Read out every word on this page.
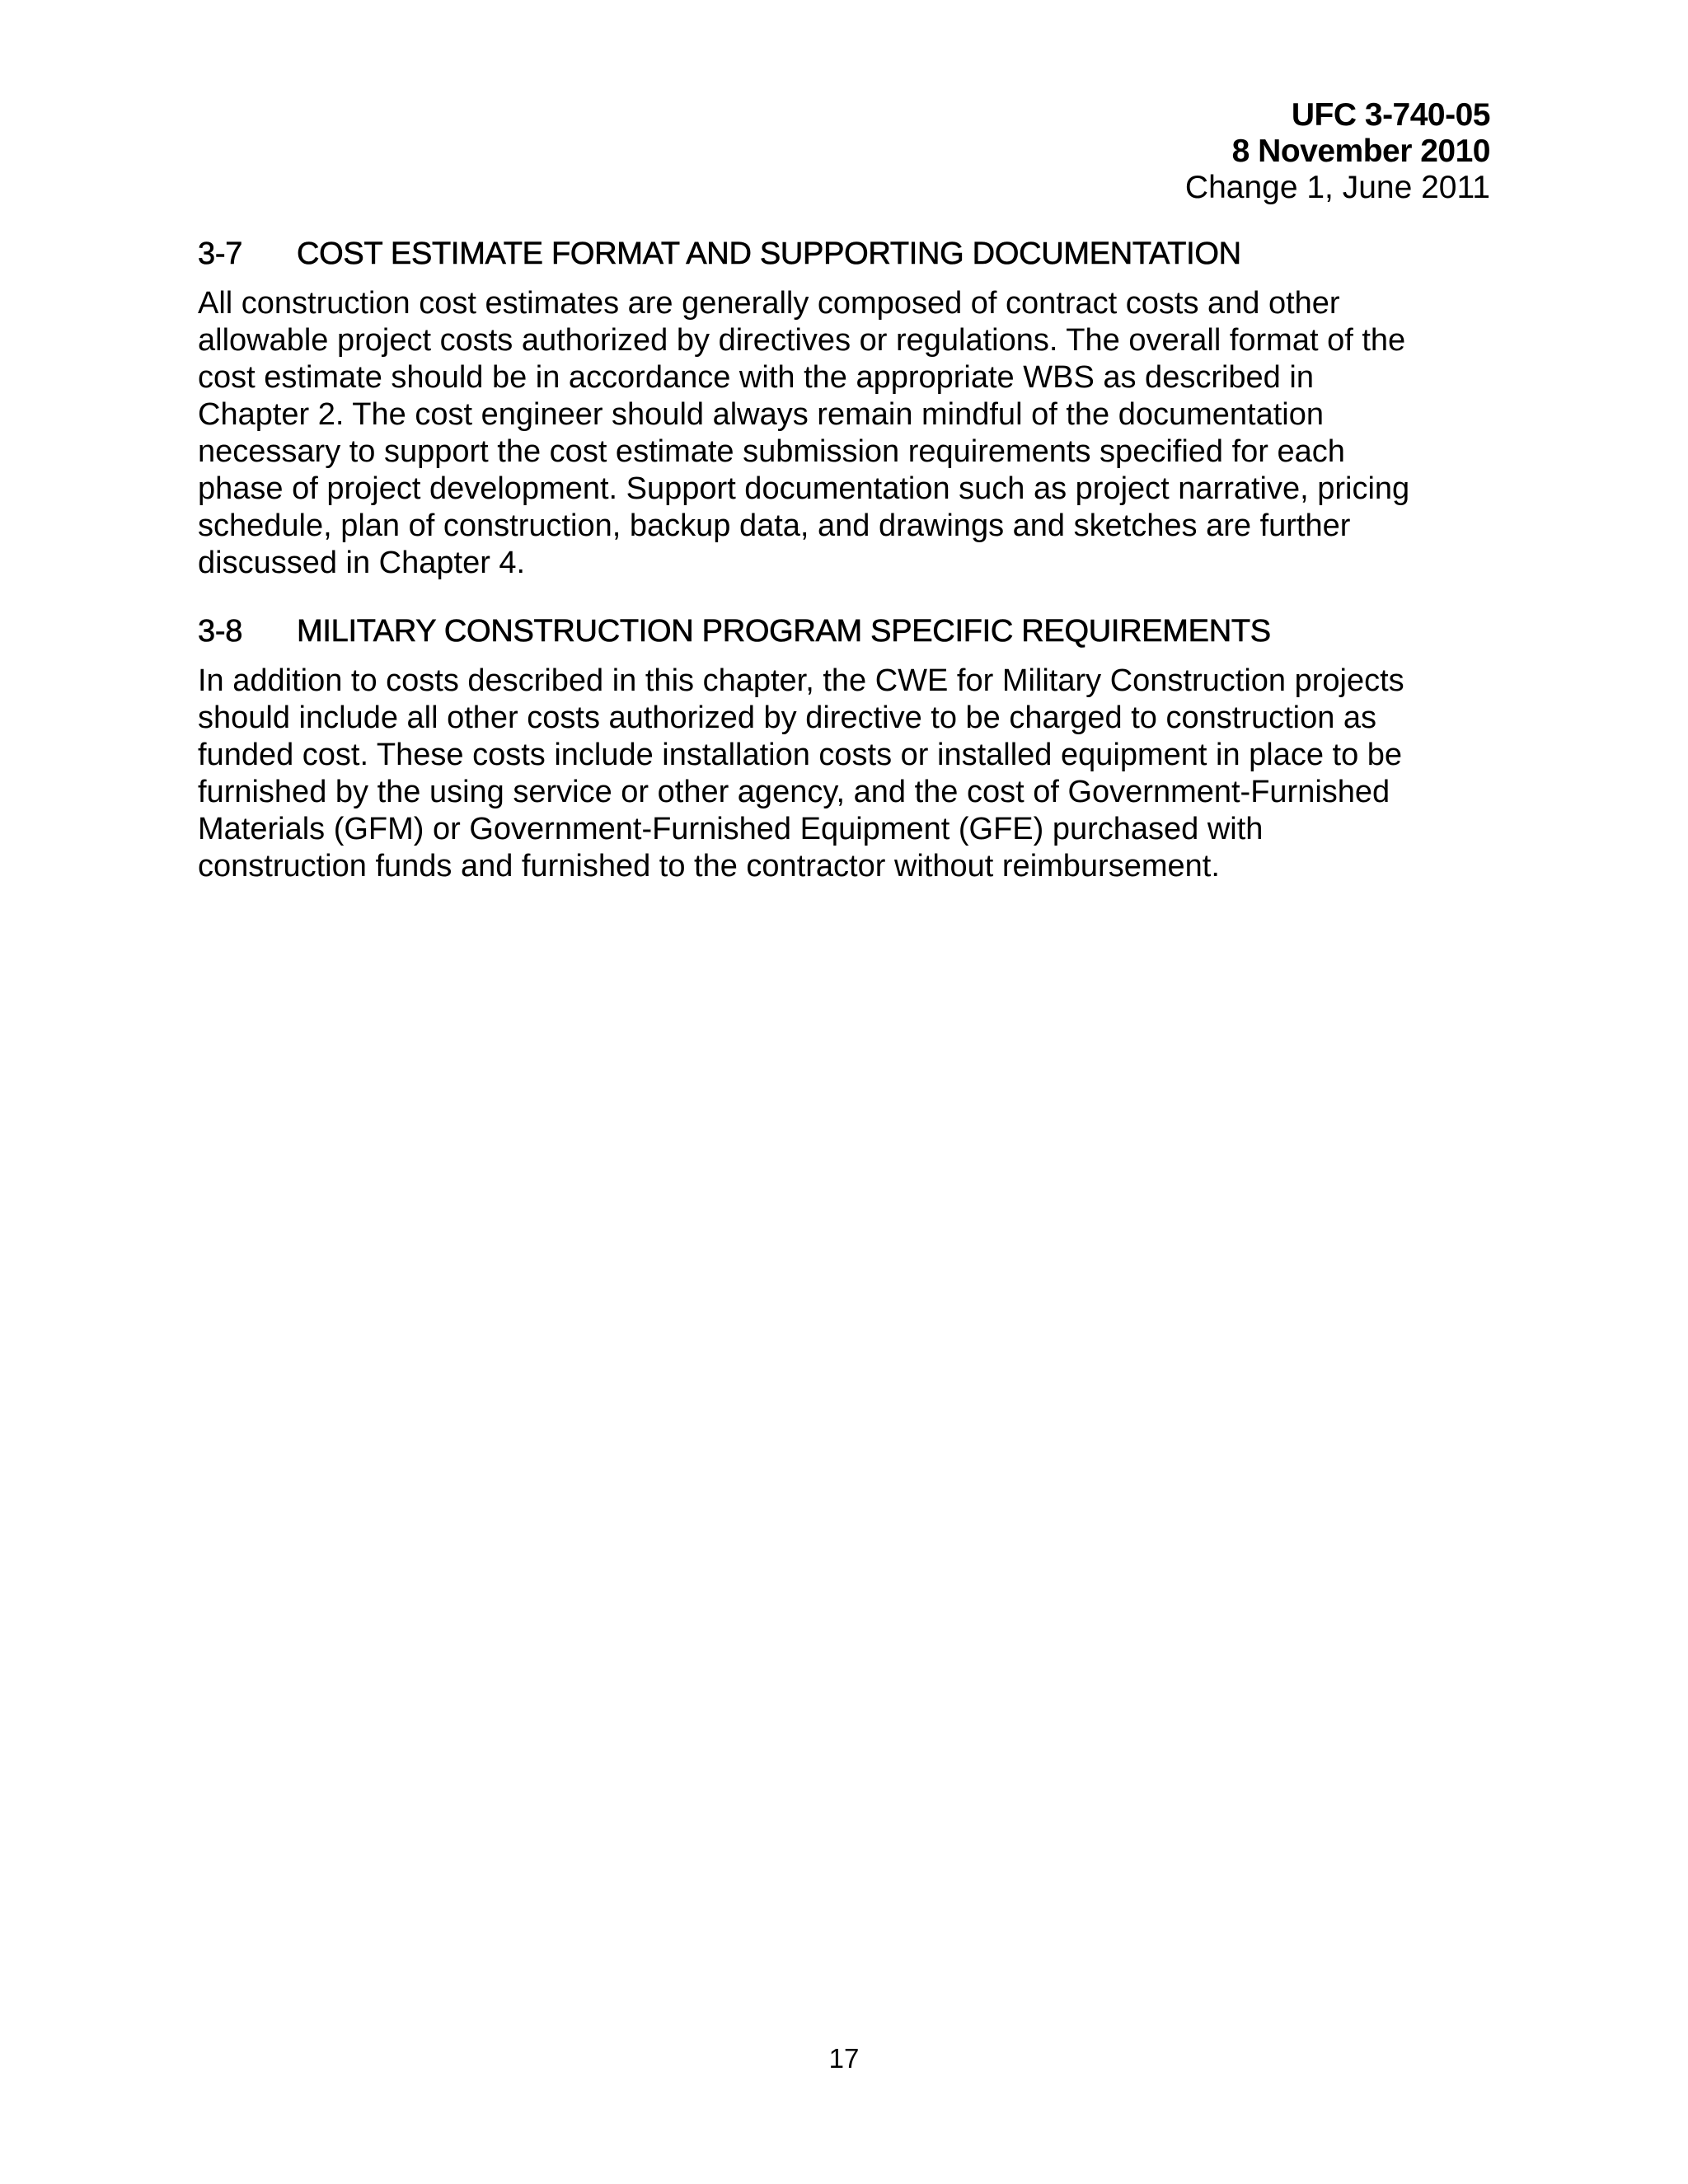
UFC 3-740-05
8 November 2010
Change 1, June 2011
3-7 COST ESTIMATE FORMAT AND SUPPORTING DOCUMENTATION
All construction cost estimates are generally composed of contract costs and other
allowable project costs authorized by directives or regulations. The overall format of the
cost estimate should be in accordance with the appropriate WBS as described in
Chapter 2. The cost engineer should always remain mindful of the documentation
necessary to support the cost estimate submission requirements specified for each
phase of project development. Support documentation such as project narrative, pricing
schedule, plan of construction, backup data, and drawings and sketches are further
discussed in Chapter 4.
3-8 MILITARY CONSTRUCTION PROGRAM SPECIFIC REQUIREMENTS
In addition to costs described in this chapter, the CWE for Military Construction projects
should include all other costs authorized by directive to be charged to construction as
funded cost. These costs include installation costs or installed equipment in place to be
furnished by the using service or other agency, and the cost of Government-Furnished
Materials (GFM) or Government-Furnished Equipment (GFE) purchased with
construction funds and furnished to the contractor without reimbursement.
17
